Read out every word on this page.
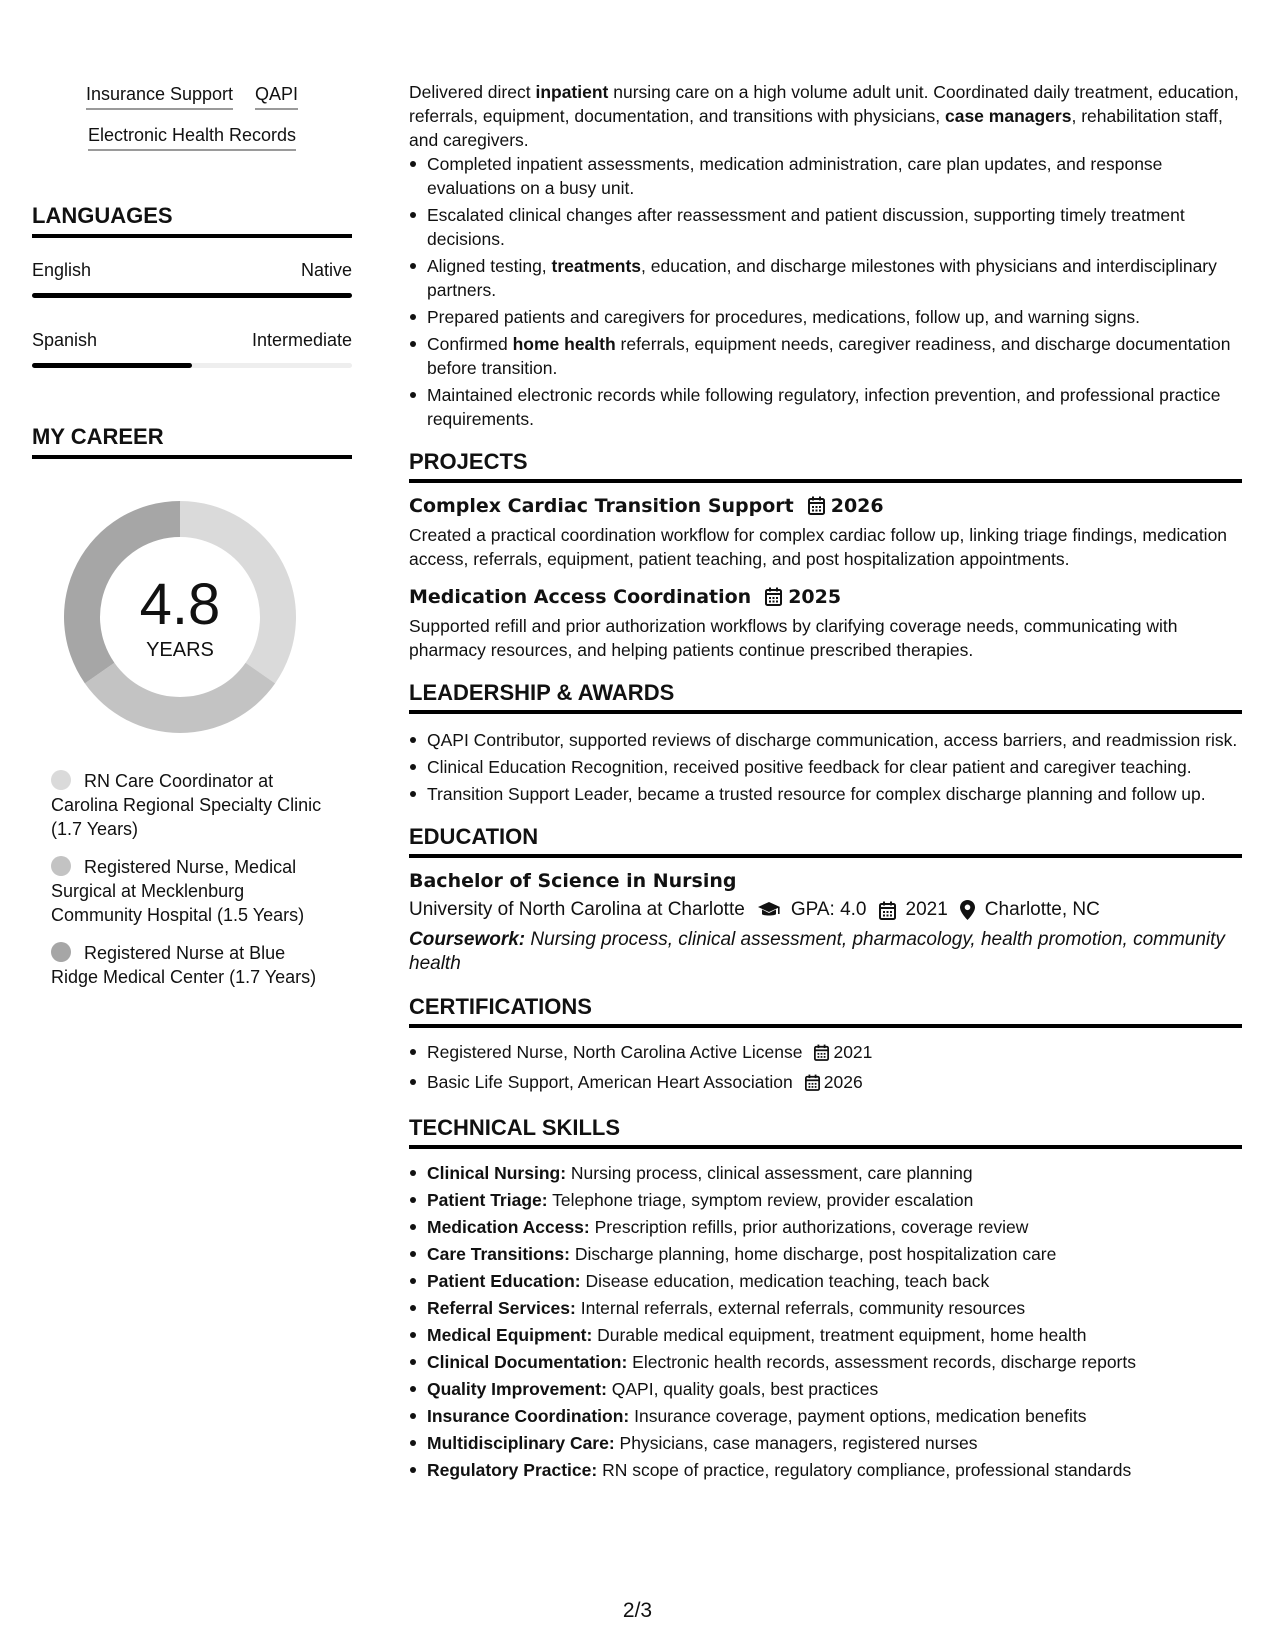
Insurance Support QAPI
Electronic Health Records
LANGUAGES
English	Native
Spanish	Intermediate
MY CAREER
4.8
YEARS
RN Care Coordinator at Carolina Regional Specialty Clinic (1.7 Years)
Registered Nurse, Medical Surgical at Mecklenburg Community Hospital (1.5 Years)
Registered Nurse at Blue Ridge Medical Center (1.7 Years)

Delivered direct inpatient nursing care on a high volume adult unit. Coordinated daily treatment, education, referrals, equipment, documentation, and transitions with physicians, case managers, rehabilitation staff, and caregivers.

Completed inpatient assessments, medication administration, care plan updates, and response evaluations on a busy unit.
Escalated clinical changes after reassessment and patient discussion, supporting timely treatment decisions.
Aligned testing, treatments, education, and discharge milestones with physicians and interdisciplinary partners.
Prepared patients and caregivers for procedures, medications, follow up, and warning signs.
Confirmed home health referrals, equipment needs, caregiver readiness, and discharge documentation before transition.
Maintained electronic records while following regulatory, infection prevention, and professional practice requirements.
PROJECTS
Complex Cardiac Transition Support 2026

Created a practical coordination workflow for complex cardiac follow up, linking triage findings, medication access, referrals, equipment, patient teaching, and post hospitalization appointments.

Medication Access Coordination 2025

Supported refill and prior authorization workflows by clarifying coverage needs, communicating with pharmacy resources, and helping patients continue prescribed therapies.

LEADERSHIP & AWARDS
QAPI Contributor, supported reviews of discharge communication, access barriers, and readmission risk.
Clinical Education Recognition, received positive feedback for clear patient and caregiver teaching.
Transition Support Leader, became a trusted resource for complex discharge planning and follow up.
EDUCATION
Bachelor of Science in Nursing
University of North Carolina at Charlotte GPA: 4.0 2021 Charlotte, NC
Coursework: Nursing process, clinical assessment, pharmacology, health promotion, community health
CERTIFICATIONS
Registered Nurse, North Carolina Active License 2021
Basic Life Support, American Heart Association 2026
TECHNICAL SKILLS
Clinical Nursing: Nursing process, clinical assessment, care planning
Patient Triage: Telephone triage, symptom review, provider escalation
Medication Access: Prescription refills, prior authorizations, coverage review
Care Transitions: Discharge planning, home discharge, post hospitalization care
Patient Education: Disease education, medication teaching, teach back
Referral Services: Internal referrals, external referrals, community resources
Medical Equipment: Durable medical equipment, treatment equipment, home health
Clinical Documentation: Electronic health records, assessment records, discharge reports
Quality Improvement: QAPI, quality goals, best practices
Insurance Coordination: Insurance coverage, payment options, medication benefits
Multidisciplinary Care: Physicians, case managers, registered nurses
Regulatory Practice: RN scope of practice, regulatory compliance, professional standards
2/3
